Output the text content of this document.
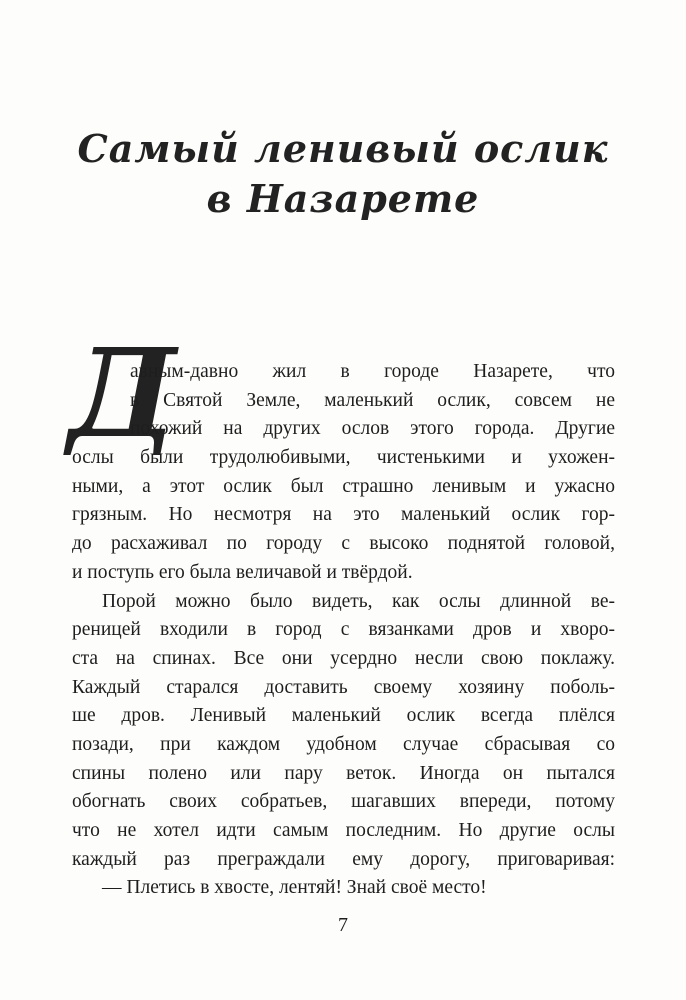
Самый ленивый ослик
в Назарете
Д
авным-давно жил в городе Назарете, что
в Святой Земле, маленький ослик, совсем не
похожий на других ослов этого города. Другие
ослы были трудолюбивыми, чистенькими и ухожен-
ными, а этот ослик был страшно ленивым и ужасно
грязным. Но несмотря на это маленький ослик гор-
до расхаживал по городу с высоко поднятой головой,
и поступь его была величавой и твёрдой.
Порой можно было видеть, как ослы длинной ве-
реницей входили в город с вязанками дров и хворо-
ста на спинах. Все они усердно несли свою поклажу.
Каждый старался доставить своему хозяину поболь-
ше дров. Ленивый маленький ослик всегда плёлся
позади, при каждом удобном случае сбрасывая со
спины полено или пару веток. Иногда он пытался
обогнать своих собратьев, шагавших впереди, потому
что не хотел идти самым последним. Но другие ослы
каждый раз преграждали ему дорогу, приговаривая:
— Плетись в хвосте, лентяй! Знай своё место!
7
